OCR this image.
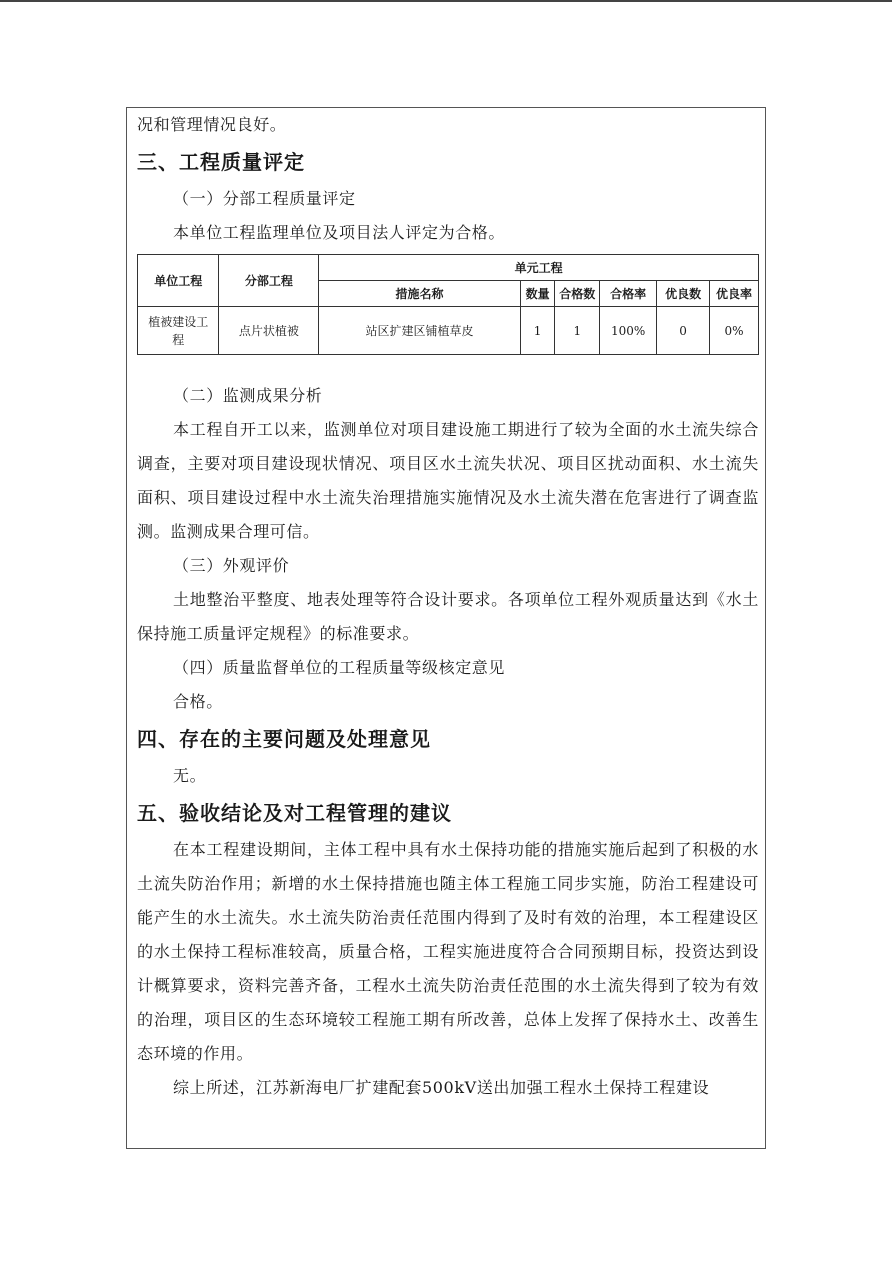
况和管理情况良好。

三、工程质量评定

（一）分部工程质量评定

本单位工程监理单位及项目法人评定为合格。

单位工程	分部工程	单元工程					
		措施名称	数量	合格数	合格率	优良数	优良率
植被建设工程	点片状植被	站区扩建区铺植草皮	1	1	100%	0	0%

（二）监测成果分析

本工程自开工以来，监测单位对项目建设施工期进行了较为全面的水土流失综合调查，主要对项目建设现状情况、项目区水土流失状况、项目区扰动面积、水土流失面积、项目建设过程中水土流失治理措施实施情况及水土流失潜在危害进行了调查监测。监测成果合理可信。

（三）外观评价

土地整治平整度、地表处理等符合设计要求。各项单位工程外观质量达到《水土保持施工质量评定规程》的标准要求。

（四）质量监督单位的工程质量等级核定意见

合格。

四、存在的主要问题及处理意见

无。

五、验收结论及对工程管理的建议

在本工程建设期间，主体工程中具有水土保持功能的措施实施后起到了积极的水土流失防治作用；新增的水土保持措施也随主体工程施工同步实施，防治工程建设可能产生的水土流失。水土流失防治责任范围内得到了及时有效的治理，本工程建设区的水土保持工程标准较高，质量合格，工程实施进度符合合同预期目标，投资达到设计概算要求，资料完善齐备，工程水土流失防治责任范围的水土流失得到了较为有效的治理，项目区的生态环境较工程施工期有所改善，总体上发挥了保持水土、改善生态环境的作用。

综上所述，江苏新海电厂扩建配套500kV送出加强工程水土保持工程建设
